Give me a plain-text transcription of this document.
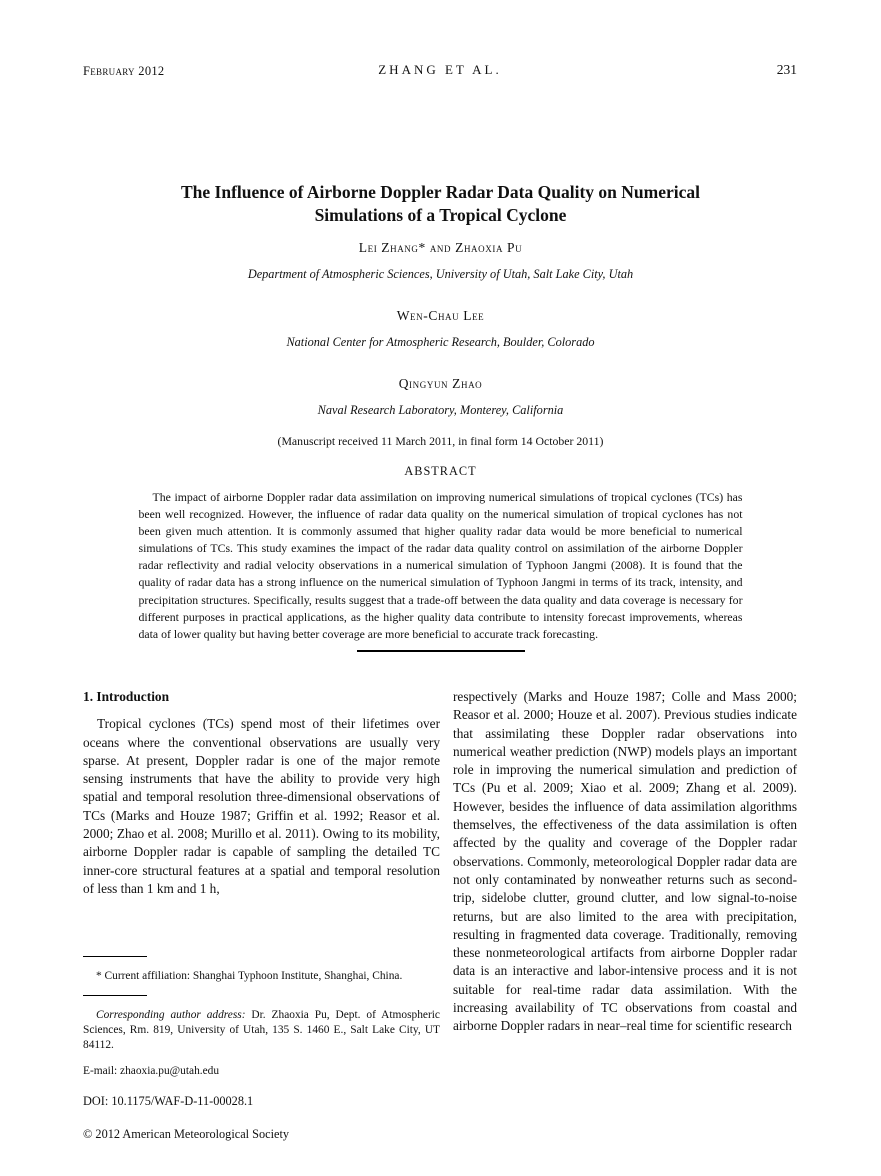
February 2012	ZHANG ET AL.	231
The Influence of Airborne Doppler Radar Data Quality on Numerical Simulations of a Tropical Cyclone

Lei Zhang* and Zhaoxia Pu

Department of Atmospheric Sciences, University of Utah, Salt Lake City, Utah

Wen-Chau Lee

National Center for Atmospheric Research, Boulder, Colorado

Qingyun Zhao

Naval Research Laboratory, Monterey, California

(Manuscript received 11 March 2011, in final form 14 October 2011)

ABSTRACT

The impact of airborne Doppler radar data assimilation on improving numerical simulations of tropical cyclones (TCs) has been well recognized. However, the influence of radar data quality on the numerical simulation of tropical cyclones has not been given much attention. It is commonly assumed that higher quality radar data would be more beneficial to numerical simulations of TCs. This study examines the impact of the radar data quality control on assimilation of the airborne Doppler radar reflectivity and radial velocity observations in a numerical simulation of Typhoon Jangmi (2008). It is found that the quality of radar data has a strong influence on the numerical simulation of Typhoon Jangmi in terms of its track, intensity, and precipitation structures. Specifically, results suggest that a trade-off between the data quality and data coverage is necessary for different purposes in practical applications, as the higher quality data contribute to intensity forecast improvements, whereas data of lower quality but having better coverage are more beneficial to accurate track forecasting.

1. Introduction

Tropical cyclones (TCs) spend most of their lifetimes over oceans where the conventional observations are usually very sparse. At present, Doppler radar is one of the major remote sensing instruments that have the ability to provide very high spatial and temporal resolution three-dimensional observations of TCs (Marks and Houze 1987; Griffin et al. 1992; Reasor et al. 2000; Zhao et al. 2008; Murillo et al. 2011). Owing to its mobility, airborne Doppler radar is capable of sampling the detailed TC inner-core structural features at a spatial and temporal resolution of less than 1 km and 1 h,

respectively (Marks and Houze 1987; Colle and Mass 2000; Reasor et al. 2000; Houze et al. 2007). Previous studies indicate that assimilating these Doppler radar observations into numerical weather prediction (NWP) models plays an important role in improving the numerical simulation and prediction of TCs (Pu et al. 2009; Xiao et al. 2009; Zhang et al. 2009). However, besides the influence of data assimilation algorithms themselves, the effectiveness of the data assimilation is often affected by the quality and coverage of the Doppler radar observations. Commonly, meteorological Doppler radar data are not only contaminated by nonweather returns such as second-trip, sidelobe clutter, ground clutter, and low signal-to-noise returns, but are also limited to the area with precipitation, resulting in fragmented data coverage. Traditionally, removing these nonmeteorological artifacts from airborne Doppler radar data is an interactive and labor-intensive process and it is not suitable for real-time radar data assimilation. With the increasing availability of TC observations from coastal and airborne Doppler radars in near–real time for scientific research

* Current affiliation: Shanghai Typhoon Institute, Shanghai, China.

Corresponding author address: Dr. Zhaoxia Pu, Dept. of Atmospheric Sciences, Rm. 819, University of Utah, 135 S. 1460 E., Salt Lake City, UT 84112.

E-mail: zhaoxia.pu@utah.edu

DOI: 10.1175/WAF-D-11-00028.1
© 2012 American Meteorological Society
